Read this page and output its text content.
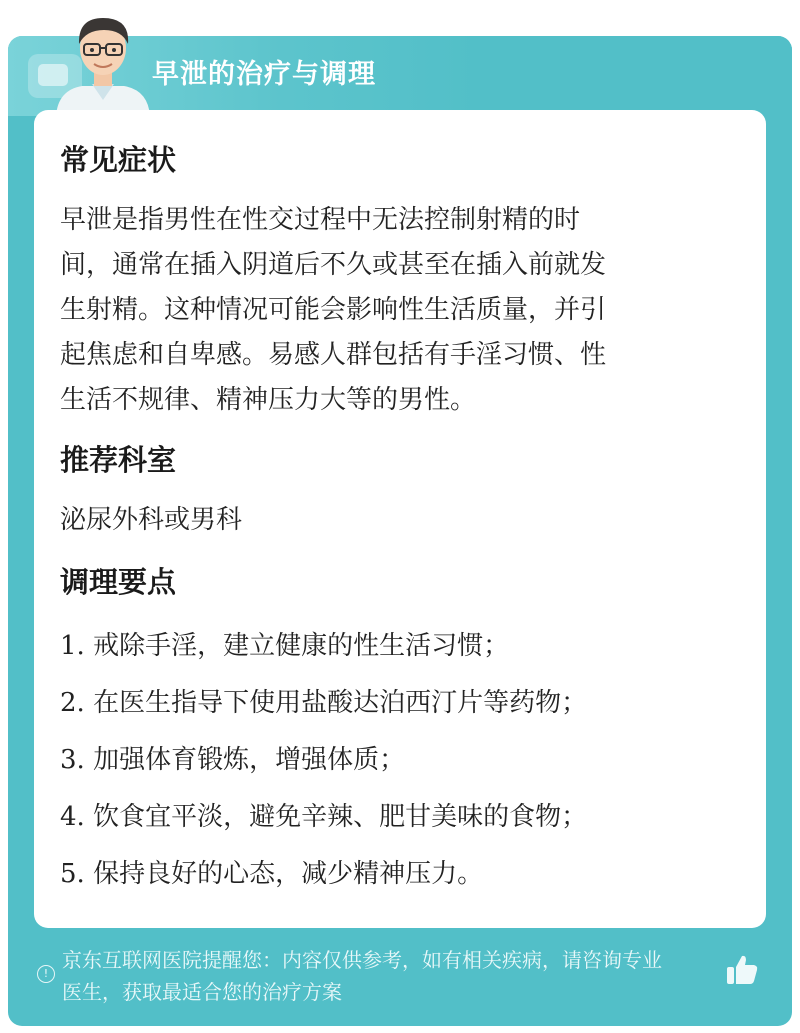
早泄的治疗与调理
常见症状
早泄是指男性在性交过程中无法控制射精的时
间，通常在插入阴道后不久或甚至在插入前就发
生射精。这种情况可能会影响性生活质量，并引
起焦虑和自卑感。易感人群包括有手淫习惯、性
生活不规律、精神压力大等的男性。
推荐科室
泌尿外科或男科
调理要点
1. 戒除手淫，建立健康的性生活习惯；
2. 在医生指导下使用盐酸达泊西汀片等药物；
3. 加强体育锻炼，增强体质；
4. 饮食宜平淡，避免辛辣、肥甘美味的食物；
5. 保持良好的心态，减少精神压力。
!
京东互联网医院提醒您：内容仅供参考，如有相关疾病，请咨询专业
医生，获取最适合您的治疗方案
